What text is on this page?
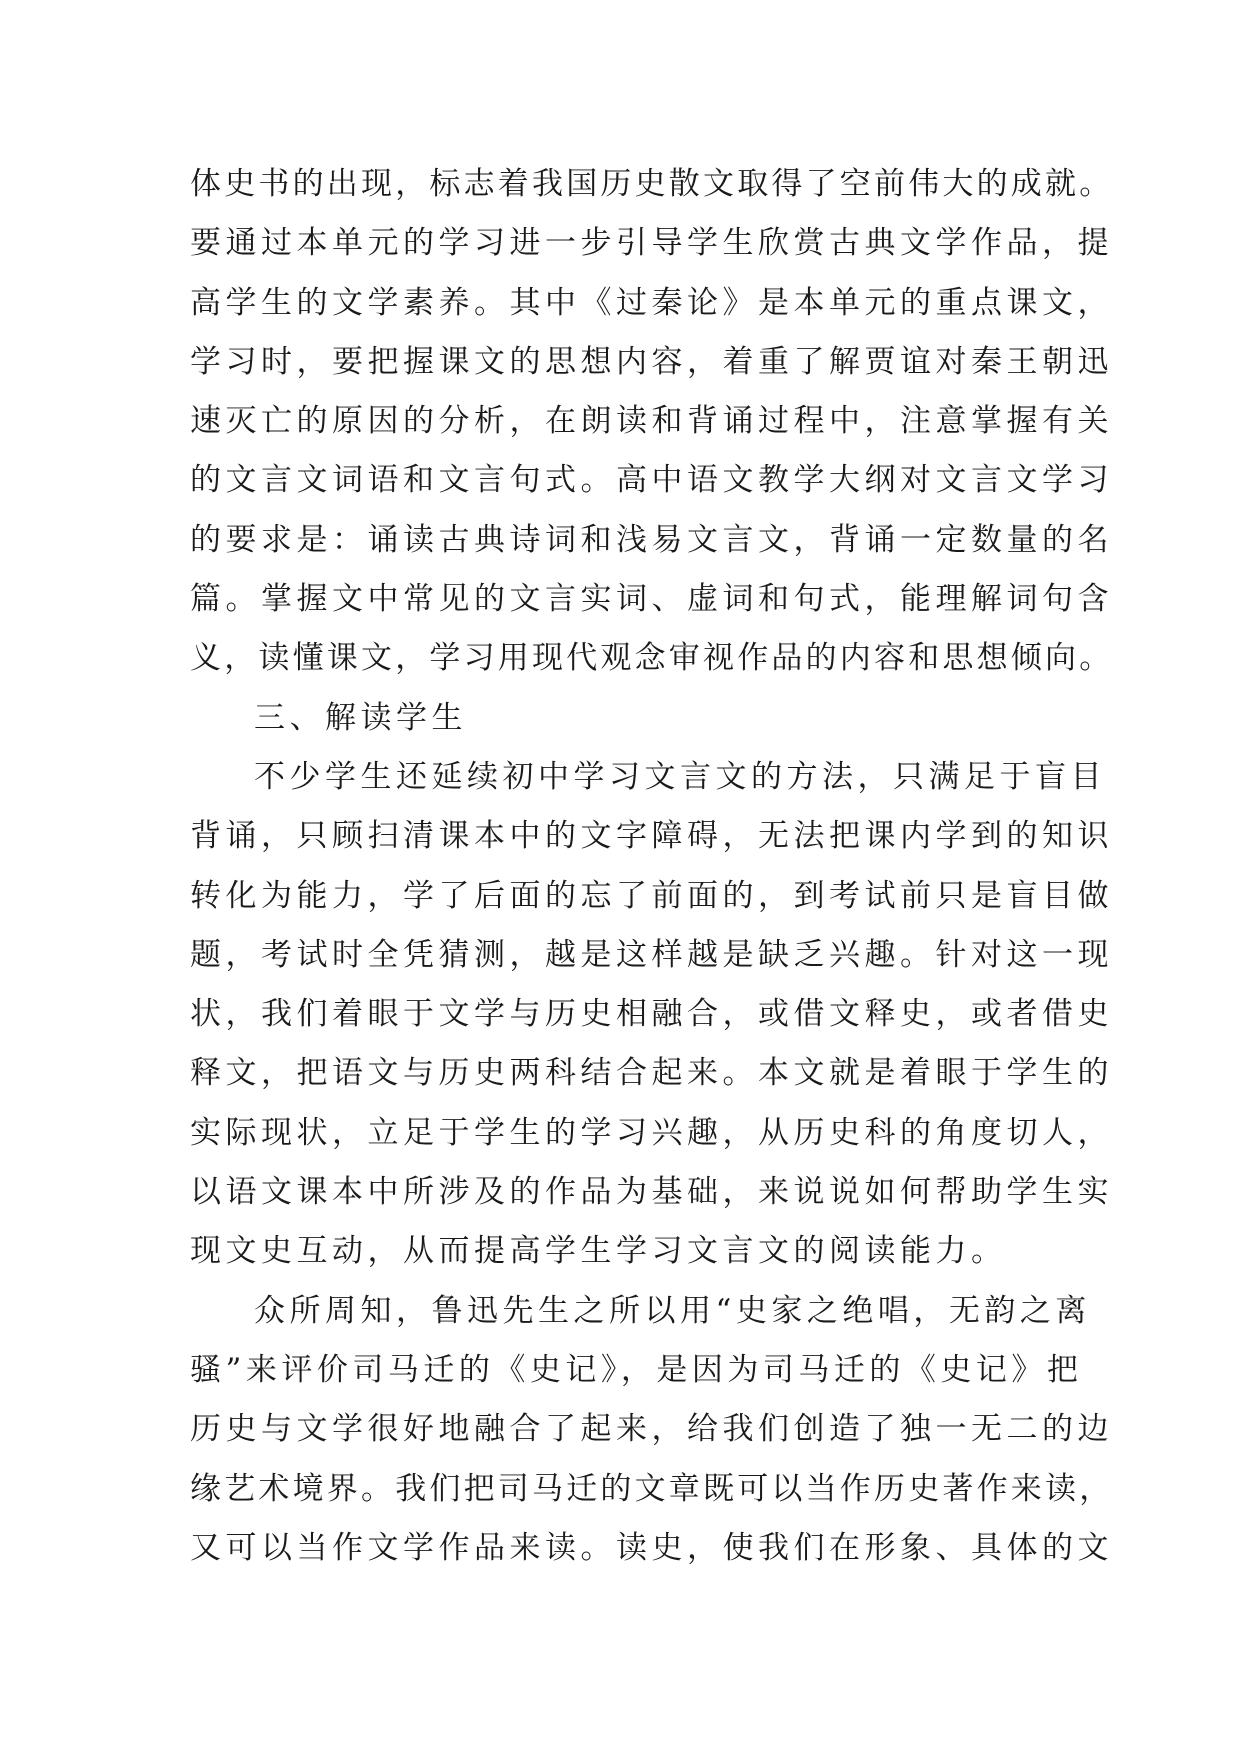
体史书的出现，标志着我国历史散文取得了空前伟大的成就。
要通过本单元的学习进一步引导学生欣赏古典文学作品，提
高学生的文学素养。其中《过秦论》是本单元的重点课文，
学习时，要把握课文的思想内容，着重了解贾谊对秦王朝迅
速灭亡的原因的分析，在朗读和背诵过程中，注意掌握有关
的文言文词语和文言句式。高中语文教学大纲对文言文学习
的要求是：诵读古典诗词和浅易文言文，背诵一定数量的名
篇。掌握文中常见的文言实词、虚词和句式，能理解词句含
义，读懂课文，学习用现代观念审视作品的内容和思想倾向。
三、解读学生
不少学生还延续初中学习文言文的方法，只满足于盲目
背诵，只顾扫清课本中的文字障碍，无法把课内学到的知识
转化为能力，学了后面的忘了前面的，到考试前只是盲目做
题，考试时全凭猜测，越是这样越是缺乏兴趣。针对这一现
状，我们着眼于文学与历史相融合，或借文释史，或者借史
释文，把语文与历史两科结合起来。本文就是着眼于学生的
实际现状，立足于学生的学习兴趣，从历史科的角度切人，
以语文课本中所涉及的作品为基础，来说说如何帮助学生实
现文史互动，从而提高学生学习文言文的阅读能力。
众所周知，鲁迅先生之所以用“史家之绝唱，无韵之离
骚”来评价司马迁的《史记》，是因为司马迁的《史记》把
历史与文学很好地融合了起来，给我们创造了独一无二的边
缘艺术境界。我们把司马迁的文章既可以当作历史著作来读，
又可以当作文学作品来读。读史，使我们在形象、具体的文
